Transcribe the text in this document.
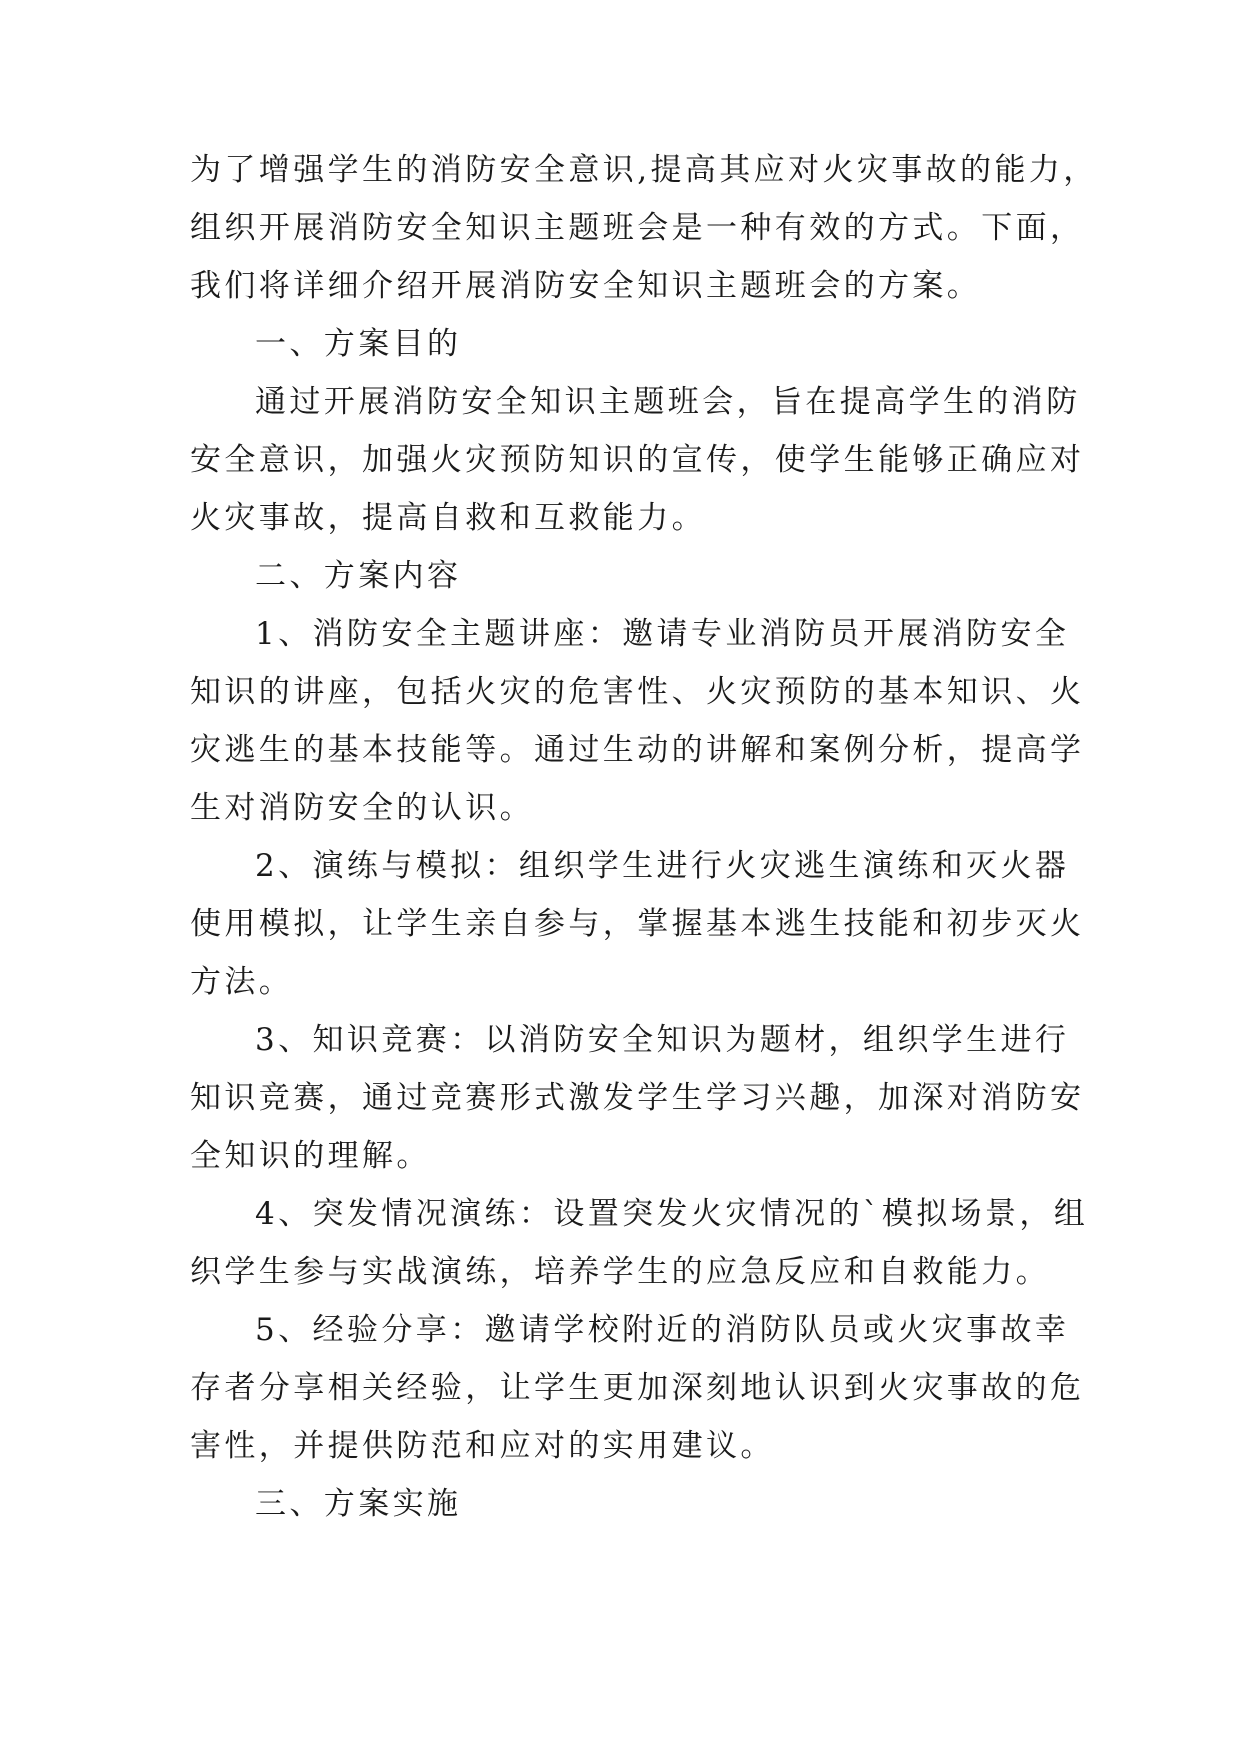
为了增强学生的消防安全意识,提高其应对火灾事故的能力，
组织开展消防安全知识主题班会是一种有效的方式。下面，
我们将详细介绍开展消防安全知识主题班会的方案。
一、方案目的
通过开展消防安全知识主题班会，旨在提高学生的消防
安全意识，加强火灾预防知识的宣传，使学生能够正确应对
火灾事故，提高自救和互救能力。
二、方案内容
1、消防安全主题讲座：邀请专业消防员开展消防安全
知识的讲座，包括火灾的危害性、火灾预防的基本知识、火
灾逃生的基本技能等。通过生动的讲解和案例分析，提高学
生对消防安全的认识。
2、演练与模拟：组织学生进行火灾逃生演练和灭火器
使用模拟，让学生亲自参与，掌握基本逃生技能和初步灭火
方法。
3、知识竞赛：以消防安全知识为题材，组织学生进行
知识竞赛，通过竞赛形式激发学生学习兴趣，加深对消防安
全知识的理解。
4、突发情况演练：设置突发火灾情况的`模拟场景，组
织学生参与实战演练，培养学生的应急反应和自救能力。
5、经验分享：邀请学校附近的消防队员或火灾事故幸
存者分享相关经验，让学生更加深刻地认识到火灾事故的危
害性，并提供防范和应对的实用建议。
三、方案实施
